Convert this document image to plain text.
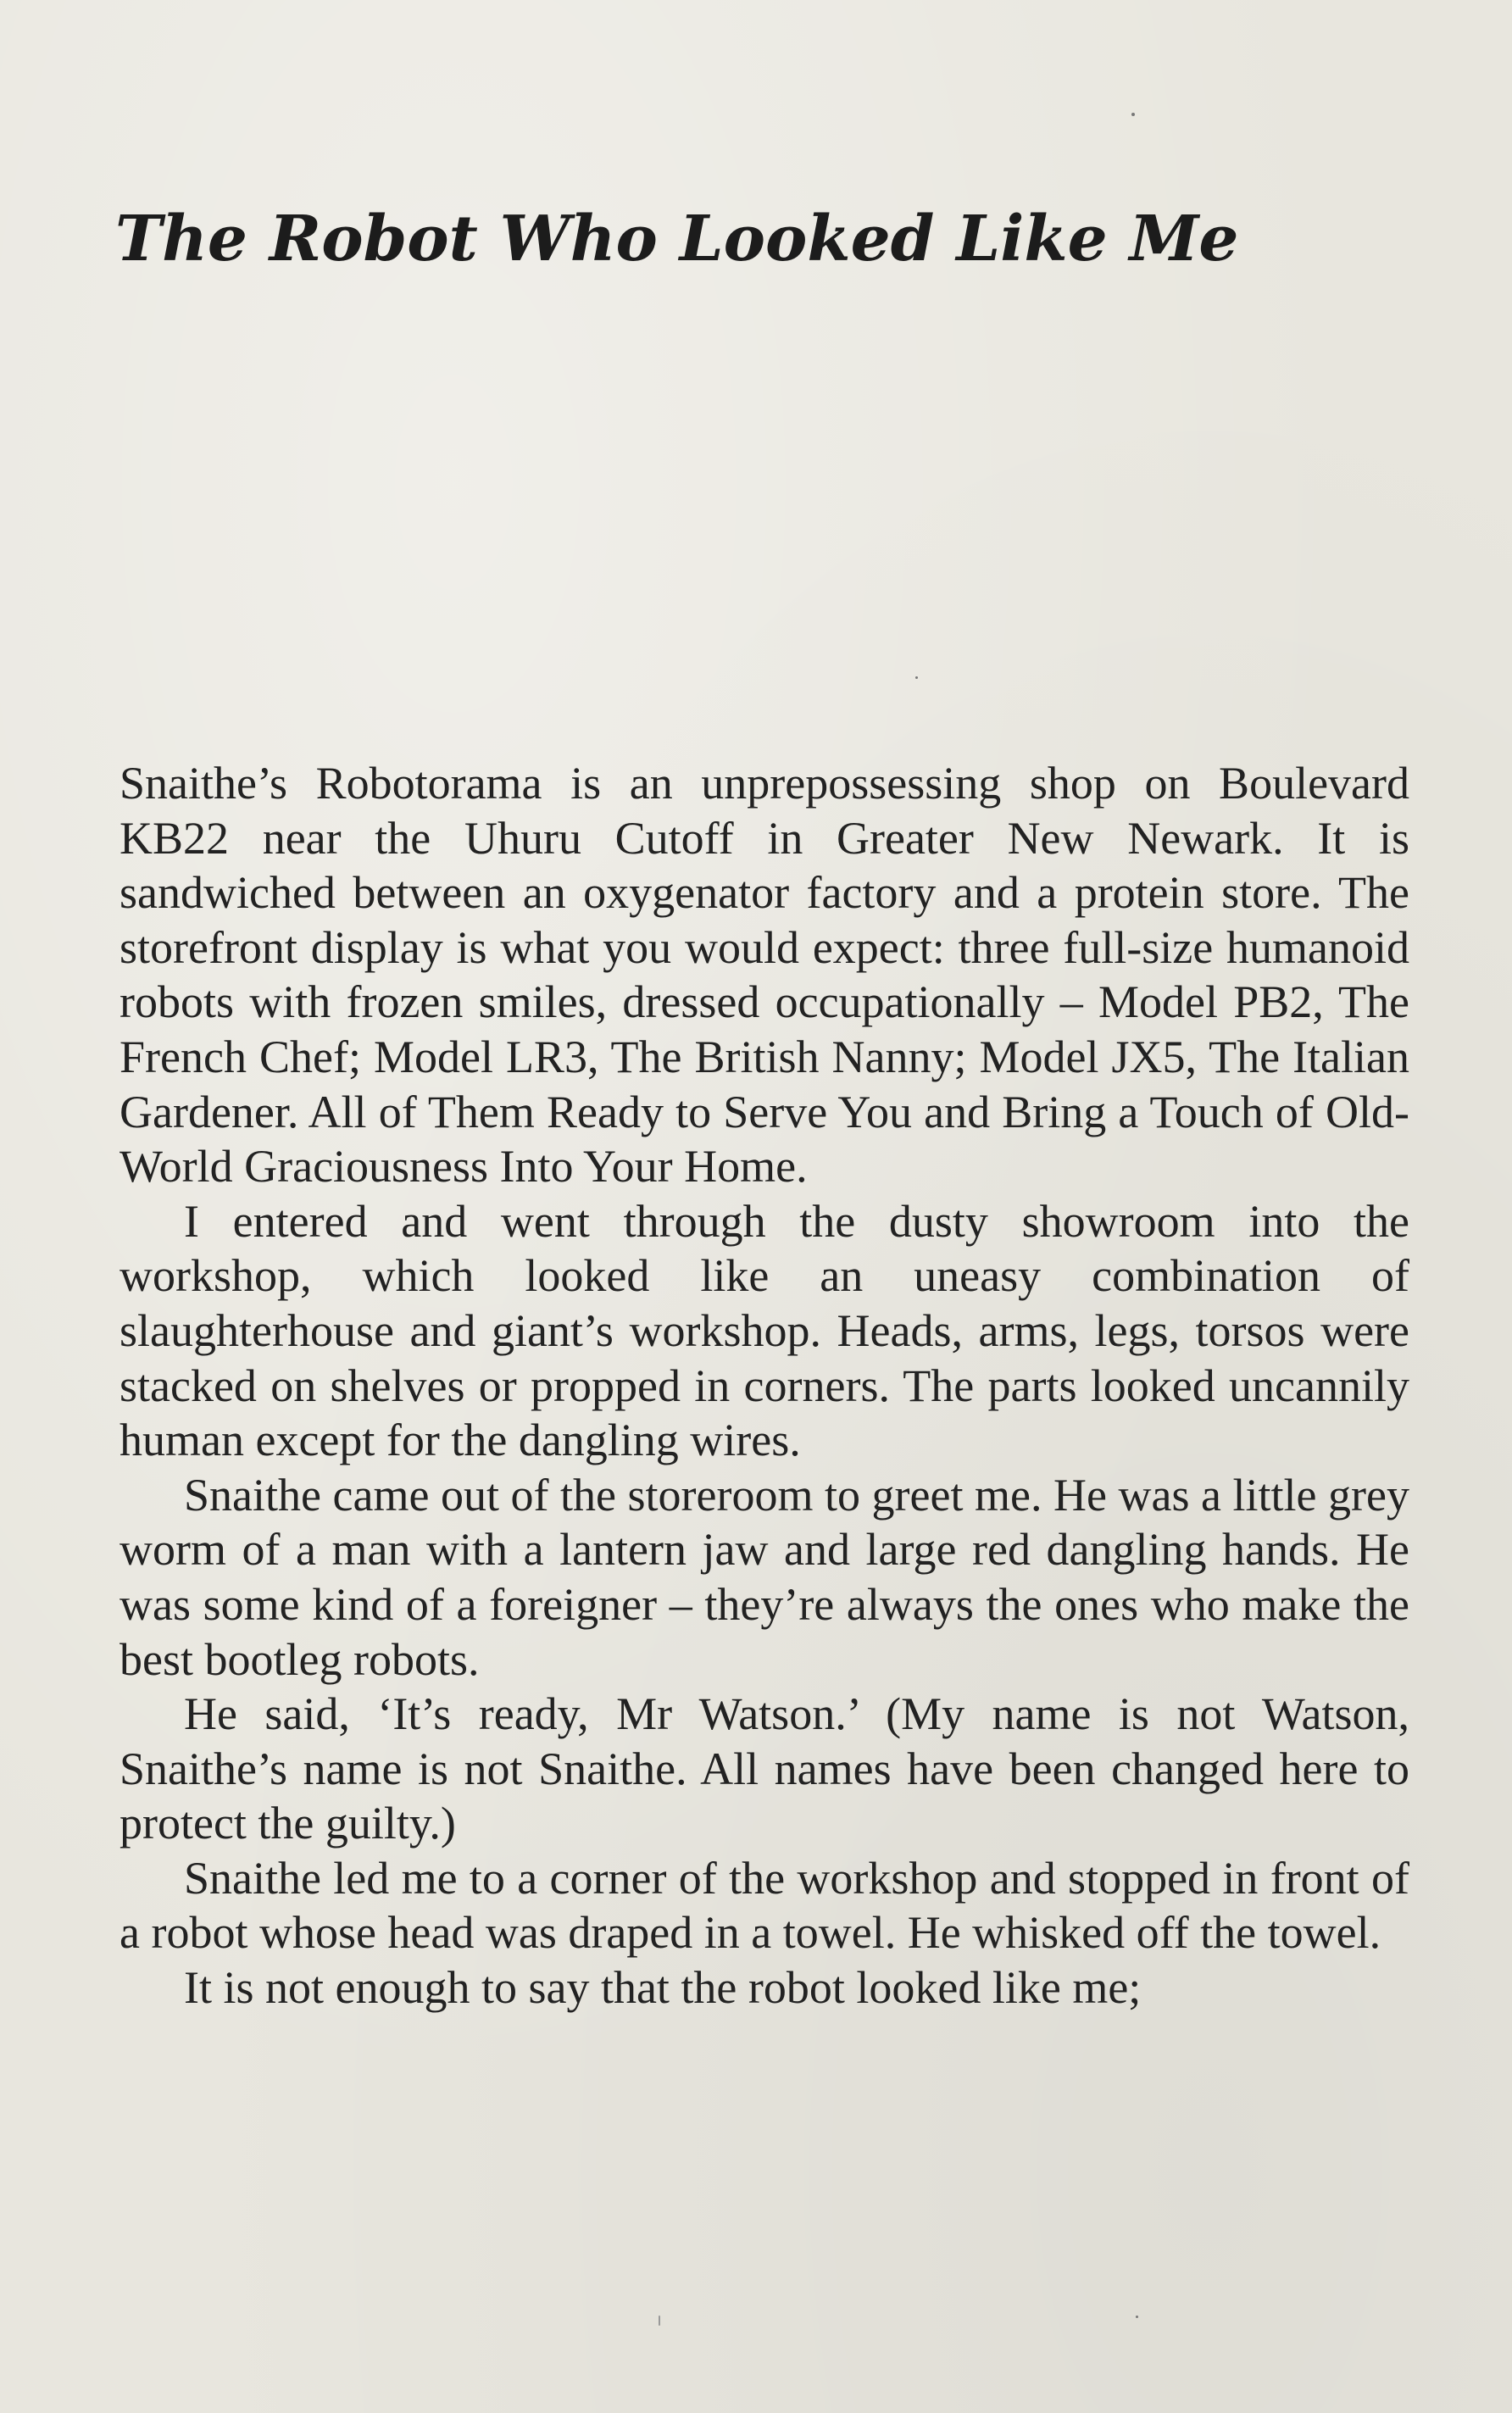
The Robot Who Looked Like Me

Snaithe’s Robotorama is an unprepossessing shop on Boulevard KB22 near the Uhuru Cutoff in Greater New Newark. It is sandwiched between an oxygenator factory and a protein store. The storefront display is what you would expect: three full-size humanoid robots with frozen smiles, dressed occupationally – Model PB2, The French Chef; Model LR3, The British Nanny; Model JX5, The Italian Gardener. All of Them Ready to Serve You and Bring a Touch of Old-World Graciousness Into Your Home.

I entered and went through the dusty showroom into the workshop, which looked like an uneasy combination of slaughterhouse and giant’s workshop. Heads, arms, legs, torsos were stacked on shelves or propped in corners. The parts looked uncannily human except for the dangling wires.

Snaithe came out of the storeroom to greet me. He was a little grey worm of a man with a lantern jaw and large red dangling hands. He was some kind of a foreigner – they’re always the ones who make the best bootleg robots.

He said, ‘It’s ready, Mr Watson.’ (My name is not Watson, Snaithe’s name is not Snaithe. All names have been changed here to protect the guilty.)

Snaithe led me to a corner of the workshop and stopped in front of a robot whose head was draped in a towel. He whisked off the towel.

It is not enough to say that the robot looked like me;
